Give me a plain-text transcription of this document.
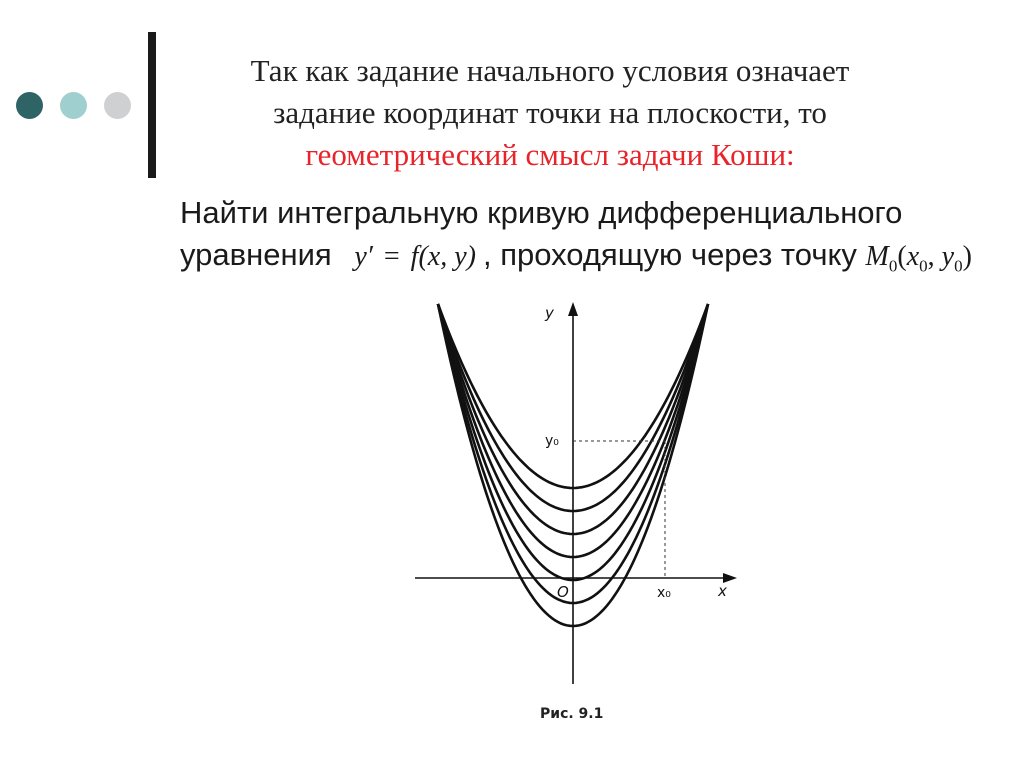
Так как задание начального условия означает
задание координат точки на плоскости, то
геометрический смысл задачи Коши:
Найти интегральную кривую дифференциального
уравнения y′ = f(x, y) , проходящую через точку $M_0(x_0$, $y_0$)
y
x
O
y₀
x₀
Рис. 9.1
